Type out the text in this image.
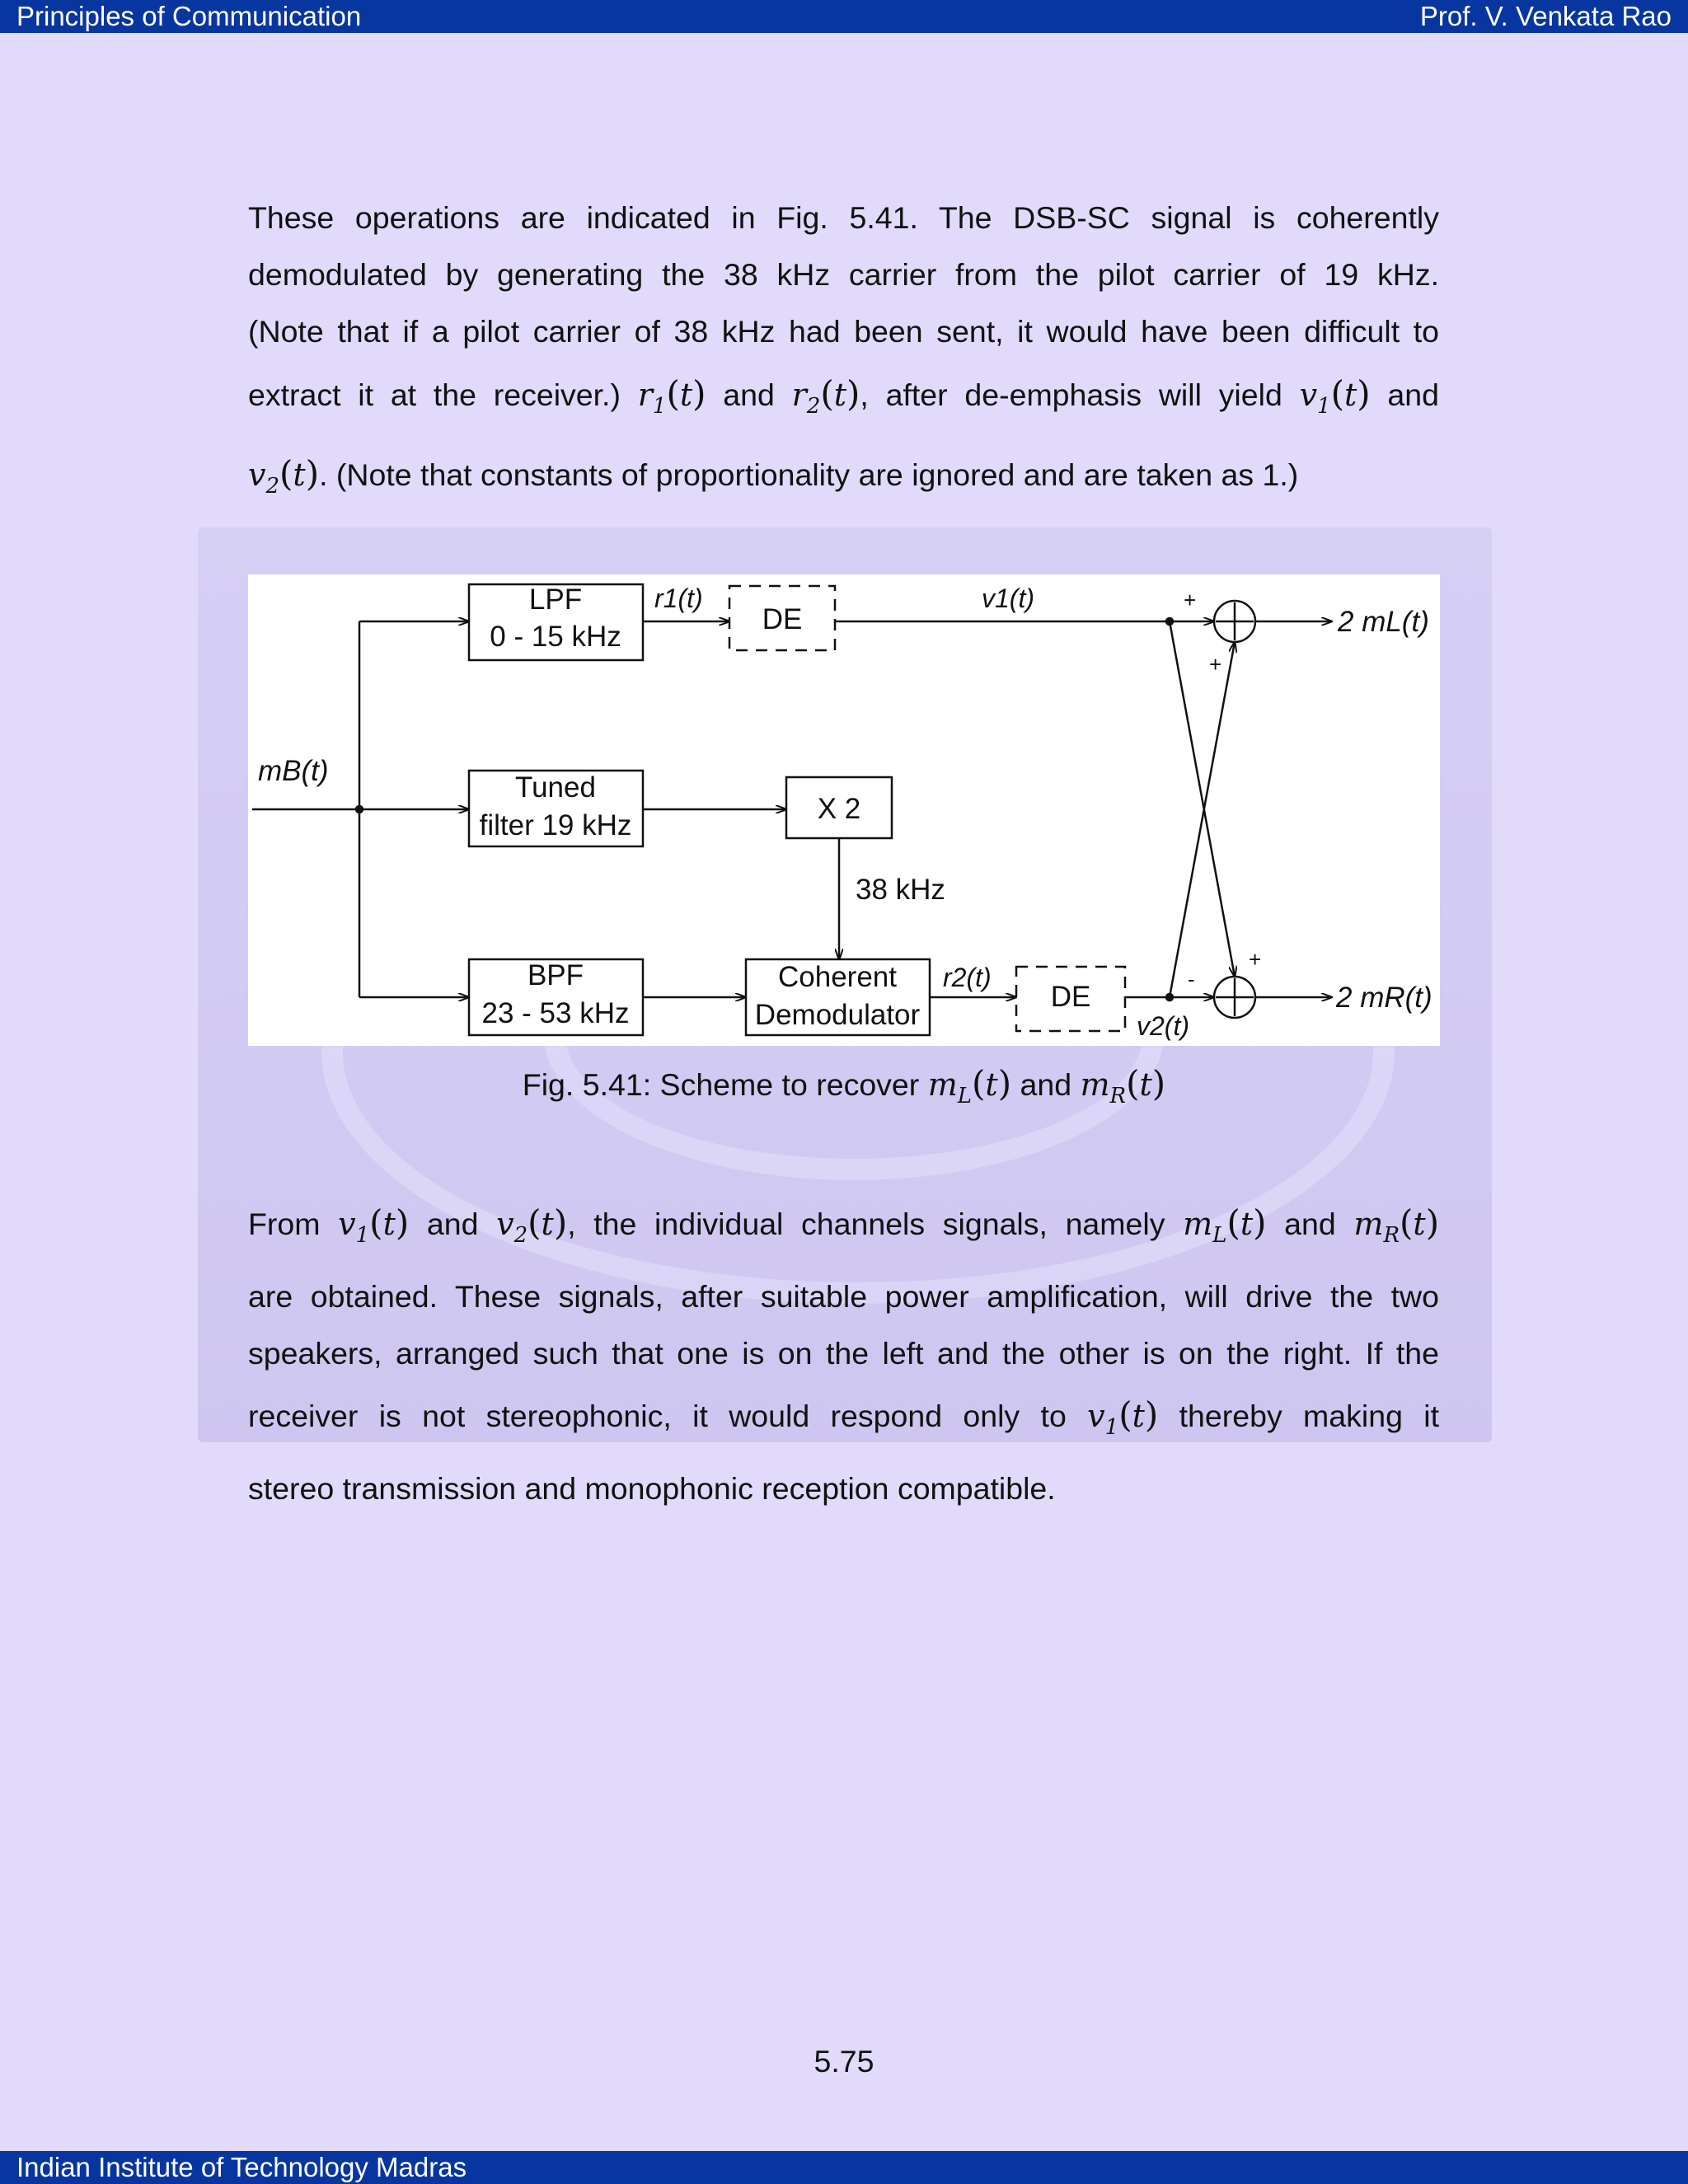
Principles of Communication	Prof. V. Venkata Rao
These operations are indicated in Fig. 5.41. The DSB-SC signal is coherently
demodulated by generating the 38 kHz carrier from the pilot carrier of 19 kHz.
(Note that if a pilot carrier of 38 kHz had been sent, it would have been difficult to
extract it at the receiver.) $r_1(t)$ and $r_2(t)$, after de-emphasis will yield $v_1(t)$ and
$v_2(t)$. (Note that constants of proportionality are ignored and are taken as 1.)
LPF
0 - 15 kHz
Tuned
filter 19 kHz
BPF
23 - 53 kHz
DE
DE
X 2
38 kHz
Coherent
Demodulator
mB(t)
r1(t)
r2(t)
v1(t)
v2(t)
2 mL(t)
2 mR(t)
+
+
+
-
Fig. 5.41: Scheme to recover $m_L(t)$ and $m_R(t)$
From $v_1(t)$ and $v_2(t)$, the individual channels signals, namely $m_L(t)$ and $m_R(t)$
are obtained. These signals, after suitable power amplification, will drive the two
speakers, arranged such that one is on the left and the other is on the right. If the
receiver is not stereophonic, it would respond only to $v_1(t)$ thereby making it
stereo transmission and monophonic reception compatible.
5.75
Indian Institute of Technology Madras
